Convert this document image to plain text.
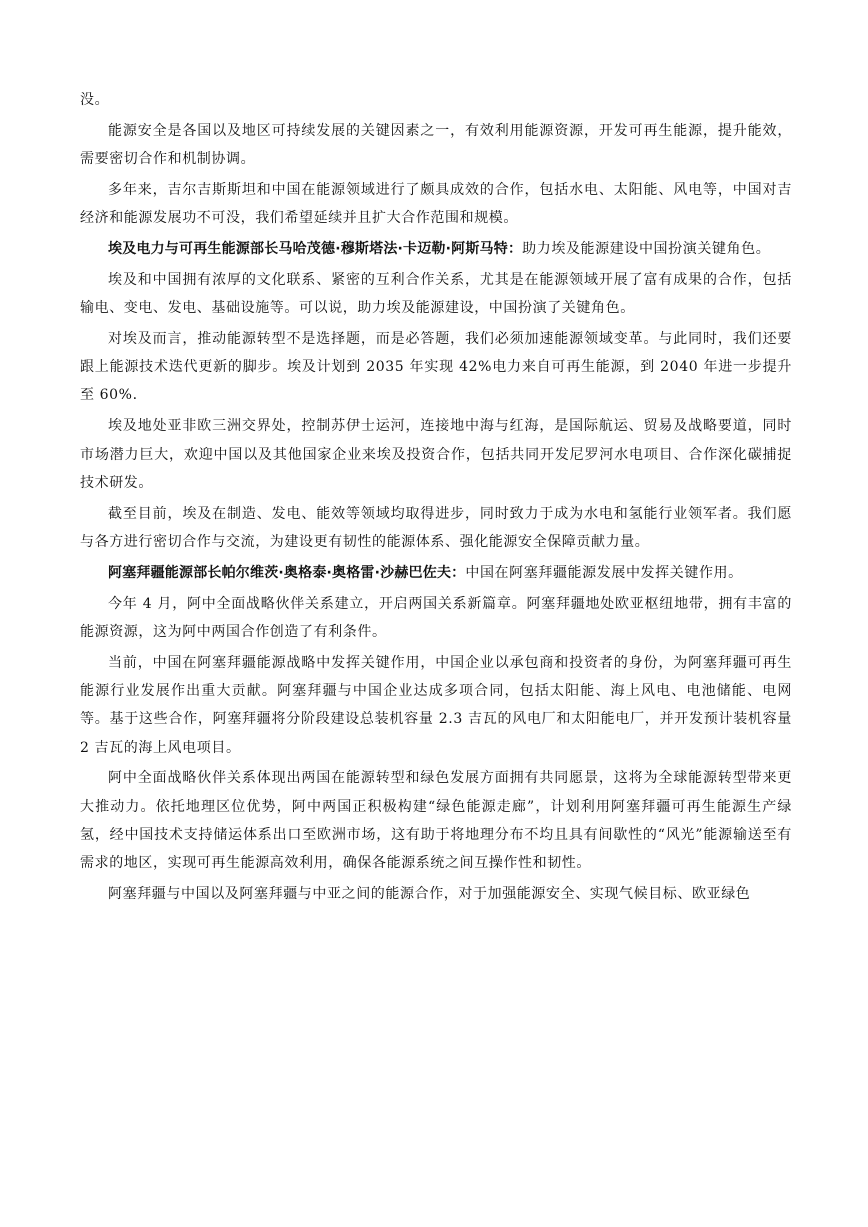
没。

能源安全是各国以及地区可持续发展的关键因素之一，有效利用能源资源，开发可再生能源，提升能效，需要密切合作和机制协调。

多年来，吉尔吉斯斯坦和中国在能源领域进行了颇具成效的合作，包括水电、太阳能、风电等，中国对吉经济和能源发展功不可没，我们希望延续并且扩大合作范围和规模。

埃及电力与可再生能源部长马哈茂德·穆斯塔法·卡迈勒·阿斯马特：助力埃及能源建设中国扮演关键角色。

埃及和中国拥有浓厚的文化联系、紧密的互利合作关系，尤其是在能源领域开展了富有成果的合作，包括输电、变电、发电、基础设施等。可以说，助力埃及能源建设，中国扮演了关键角色。

对埃及而言，推动能源转型不是选择题，而是必答题，我们必须加速能源领域变革。与此同时，我们还要跟上能源技术迭代更新的脚步。埃及计划到 2035 年实现 42%电力来自可再生能源，到 2040 年进一步提升至 60%.

埃及地处亚非欧三洲交界处，控制苏伊士运河，连接地中海与红海，是国际航运、贸易及战略要道，同时市场潜力巨大，欢迎中国以及其他国家企业来埃及投资合作，包括共同开发尼罗河水电项目、合作深化碳捕捉技术研发。

截至目前，埃及在制造、发电、能效等领域均取得进步，同时致力于成为水电和氢能行业领军者。我们愿与各方进行密切合作与交流，为建设更有韧性的能源体系、强化能源安全保障贡献力量。

阿塞拜疆能源部长帕尔维茨·奥格泰·奥格雷·沙赫巴佐夫：中国在阿塞拜疆能源发展中发挥关键作用。

今年 4 月，阿中全面战略伙伴关系建立，开启两国关系新篇章。阿塞拜疆地处欧亚枢纽地带，拥有丰富的能源资源，这为阿中两国合作创造了有利条件。

当前，中国在阿塞拜疆能源战略中发挥关键作用，中国企业以承包商和投资者的身份，为阿塞拜疆可再生能源行业发展作出重大贡献。阿塞拜疆与中国企业达成多项合同，包括太阳能、海上风电、电池储能、电网等。基于这些合作，阿塞拜疆将分阶段建设总装机容量 2.3 吉瓦的风电厂和太阳能电厂，并开发预计装机容量 2 吉瓦的海上风电项目。

阿中全面战略伙伴关系体现出两国在能源转型和绿色发展方面拥有共同愿景，这将为全球能源转型带来更大推动力。依托地理区位优势，阿中两国正积极构建“绿色能源走廊”，计划利用阿塞拜疆可再生能源生产绿氢，经中国技术支持储运体系出口至欧洲市场，这有助于将地理分布不均且具有间歇性的“风光”能源输送至有需求的地区，实现可再生能源高效利用，确保各能源系统之间互操作性和韧性。

阿塞拜疆与中国以及阿塞拜疆与中亚之间的能源合作，对于加强能源安全、实现气候目标、欧亚绿色
